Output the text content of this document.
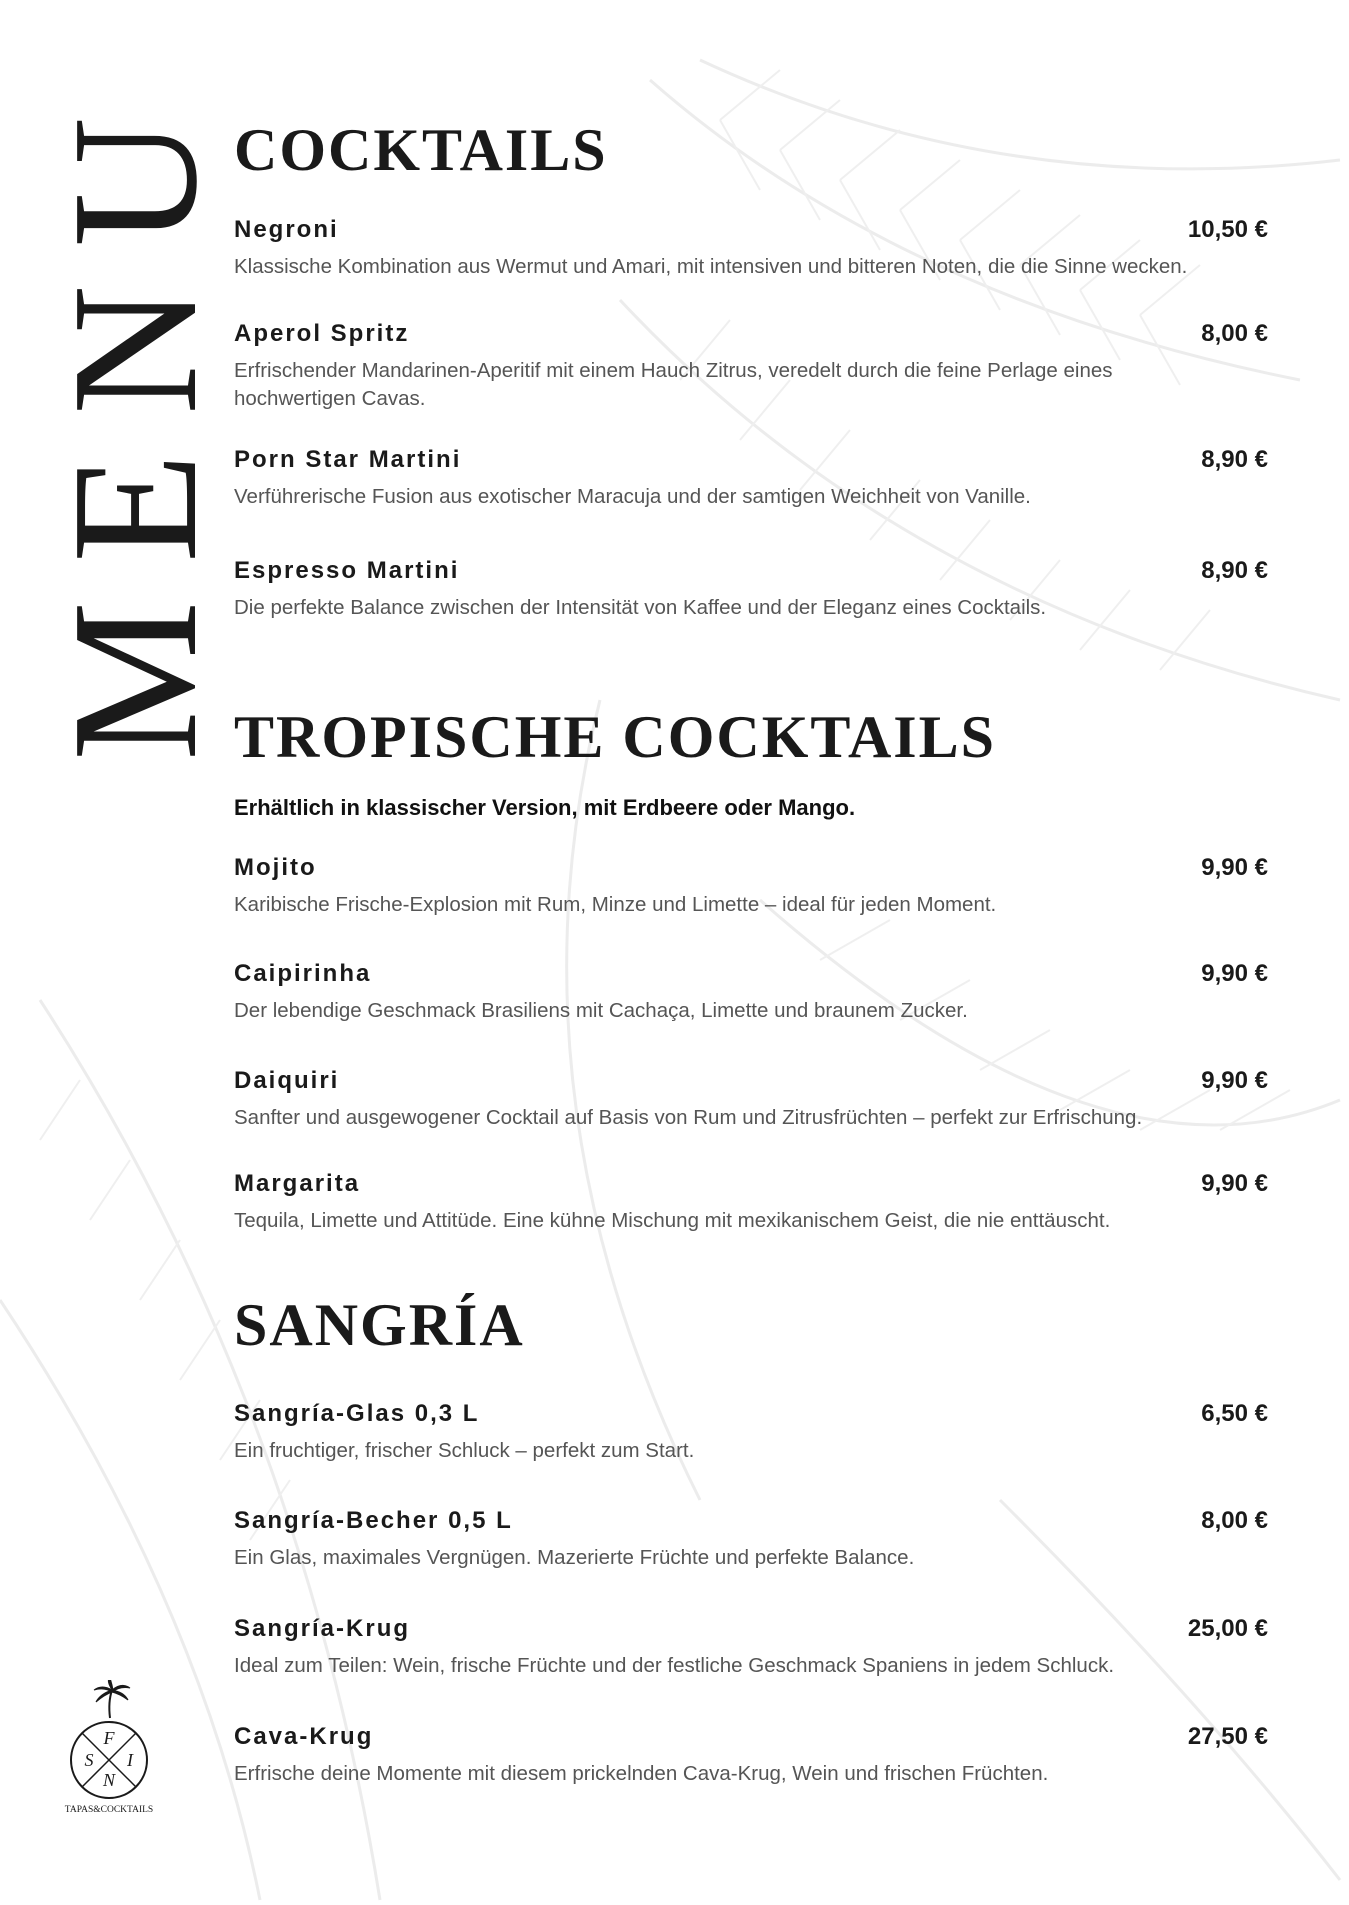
MENU COCKTAILS
Negroni	10,50 €
Klassische Kombination aus Wermut und Amari, mit intensiven und bitteren Noten, die die Sinne wecken.
Aperol Spritz	8,00 €
Erfrischender Mandarinen-Aperitif mit einem Hauch Zitrus, veredelt durch die feine Perlage eines hochwertigen Cavas.
Porn Star Martini	8,90 €
Verführerische Fusion aus exotischer Maracuja und der samtigen Weichheit von Vanille.
Espresso Martini	8,90 €
Die perfekte Balance zwischen der Intensität von Kaffee und der Eleganz eines Cocktails.
TROPISCHE COCKTAILS
Erhältlich in klassischer Version, mit Erdbeere oder Mango.
Mojito	9,90 €
Karibische Frische-Explosion mit Rum, Minze und Limette – ideal für jeden Moment.
Caipirinha	9,90 €
Der lebendige Geschmack Brasiliens mit Cachaça, Limette und braunem Zucker.
Daiquiri	9,90 €
Sanfter und ausgewogener Cocktail auf Basis von Rum und Zitrusfrüchten – perfekt zur Erfrischung.
Margarita	9,90 €
Tequila, Limette und Attitüde. Eine kühne Mischung mit mexikanischem Geist, die nie enttäuscht.
SANGRÍA
Sangría-Glas 0,3 L	6,50 €
Ein fruchtiger, frischer Schluck – perfekt zum Start.
Sangría-Becher 0,5 L	8,00 €
Ein Glas, maximales Vergnügen. Mazerierte Früchte und perfekte Balance.
Sangría-Krug	25,00 €
Ideal zum Teilen: Wein, frische Früchte und der festliche Geschmack Spaniens in jedem Schluck.
Cava-Krug	27,50 €
Erfrische deine Momente mit diesem prickelnden Cava-Krug, Wein und frischen Früchten.
F
S I
N
TAPAS&COCKTAILS
